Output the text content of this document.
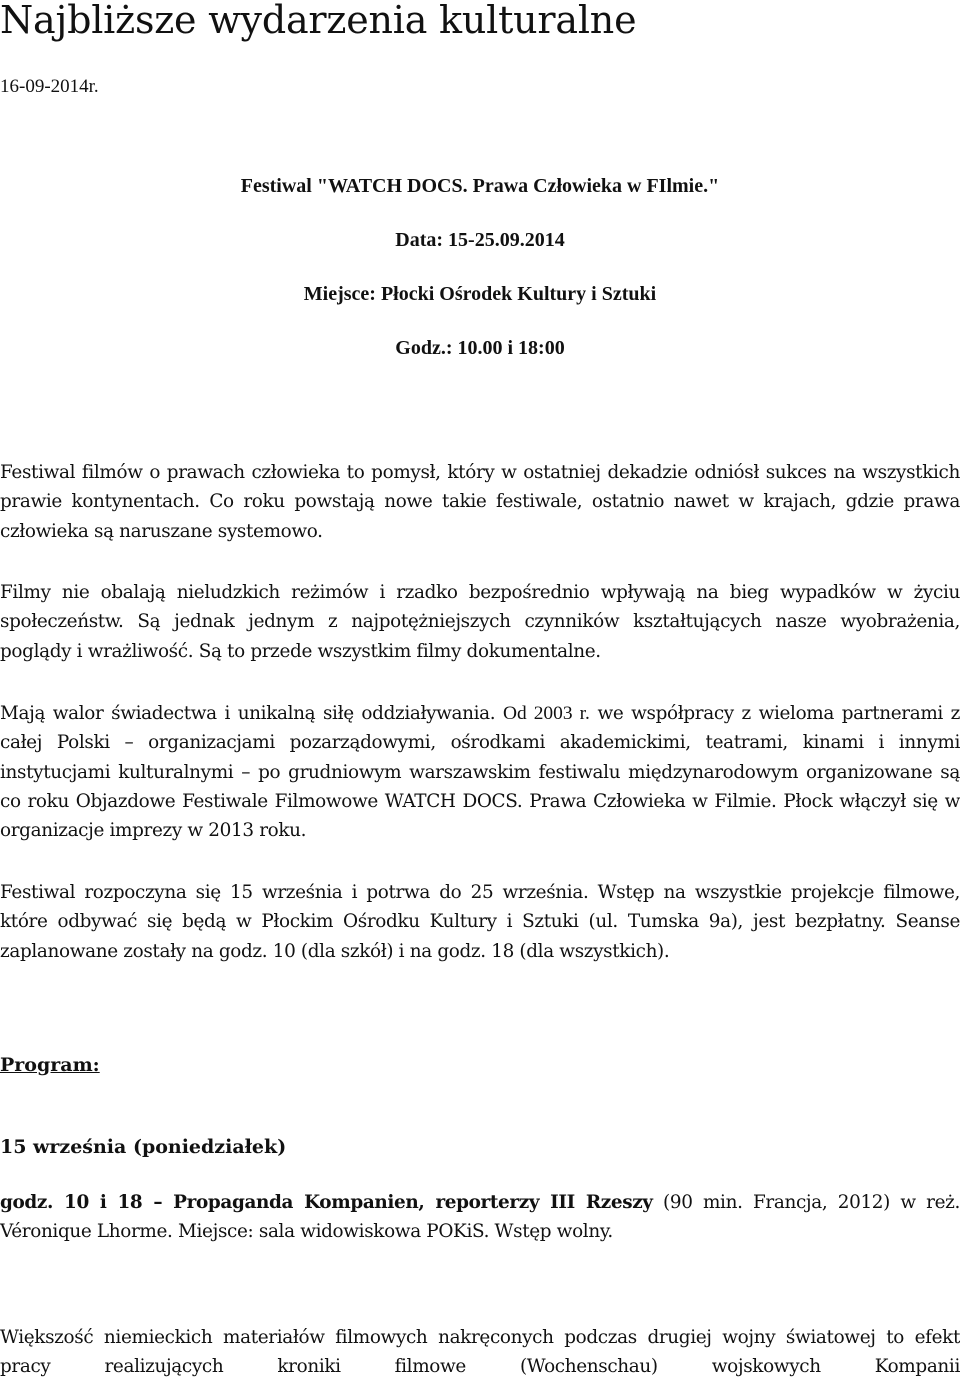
Najbliższe wydarzenia kulturalne

16-09-2014r.

Festiwal "WATCH DOCS. Prawa Człowieka w FIlmie."

Data: 15-25.09.2014

Miejsce: Płocki Ośrodek Kultury i Sztuki

Godz.: 10.00 i 18:00

Festiwal filmów o prawach człowieka to pomysł, który w ostatniej dekadzie odniósł sukces na wszystkich prawie kontynentach. Co roku powstają nowe takie festiwale, ostatnio nawet w krajach, gdzie prawa człowieka są naruszane systemowo.

Filmy nie obalają nieludzkich reżimów i rzadko bezpośrednio wpływają na bieg wypadków w życiu społeczeństw. Są jednak jednym z najpotężniejszych czynników kształtujących nasze wyobrażenia, poglądy i wrażliwość. Są to przede wszystkim filmy dokumentalne.

Mają walor świadectwa i unikalną siłę oddziaływania. Od 2003 r. we współpracy z wieloma partnerami z całej Polski – organizacjami pozarządowymi, ośrodkami akademickimi, teatrami, kinami i innymi instytucjami kulturalnymi – po grudniowym warszawskim festiwalu międzynarodowym organizowane są co roku Objazdowe Festiwale Filmowowe WATCH DOCS. Prawa Człowieka w Filmie. Płock włączył się w organizacje imprezy w 2013 roku.

Festiwal rozpoczyna się 15 września i potrwa do 25 września. Wstęp na wszystkie projekcje filmowe, które odbywać się będą w Płockim Ośrodku Kultury i Sztuki (ul. Tumska 9a), jest bezpłatny. Seanse zaplanowane zostały na godz. 10 (dla szkół) i na godz. 18 (dla wszystkich).

Program:

15 września (poniedziałek)

godz. 10 i 18 – Propaganda Kompanien, reporterzy III Rzeszy (90 min. Francja, 2012) w reż. Véronique Lhorme. Miejsce: sala widowiskowa POKiS. Wstęp wolny.

Większość niemieckich materiałów filmowych nakręconych podczas drugiej wojny światowej to efekt pracy realizujących kroniki filmowe (Wochenschau) wojskowych Kompanii
